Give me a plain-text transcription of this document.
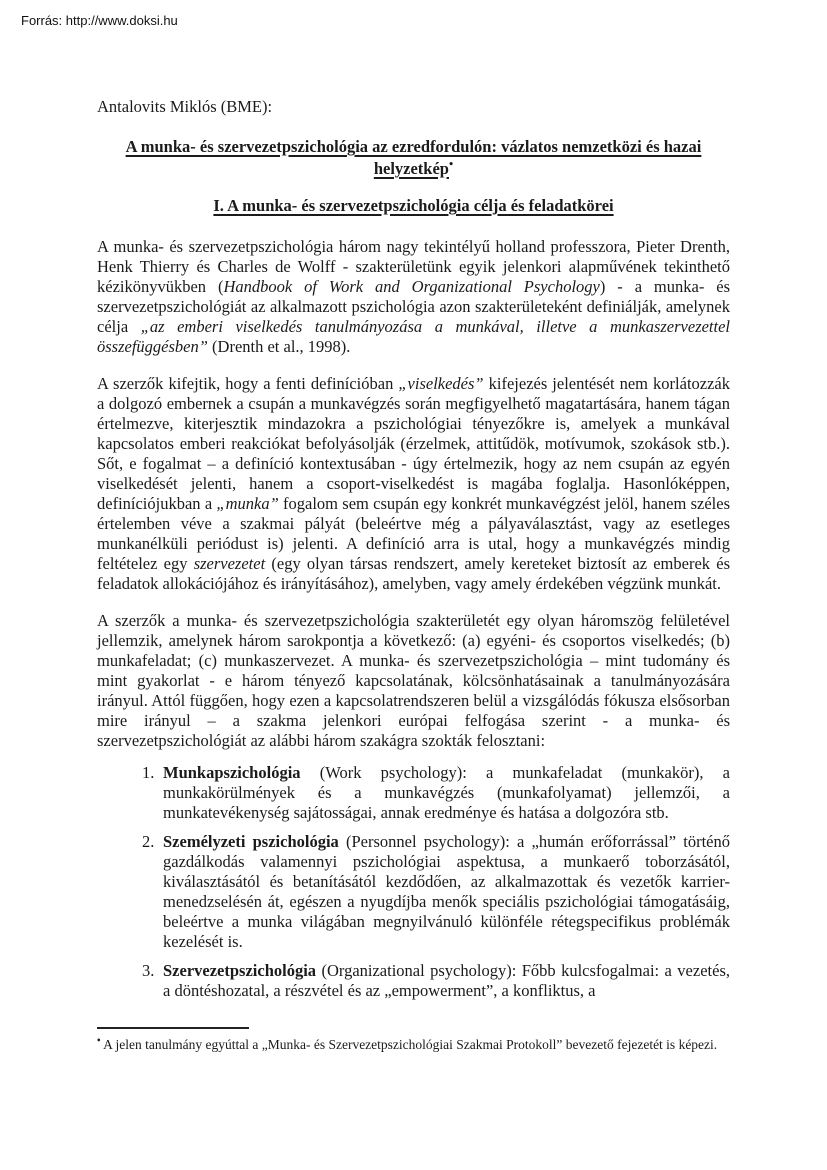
Forrás: http://www.doksi.hu

Antalovits Miklós (BME):

A munka- és szervezetpszichológia az ezredfordulón: vázlatos nemzetközi és hazai helyzetkép•
I. A munka- és szervezetpszichológia célja és feladatkörei

A munka- és szervezetpszichológia három nagy tekintélyű holland professzora, Pieter Drenth, Henk Thierry és Charles de Wolff - szakterületünk egyik jelenkori alapművének tekinthető kézikönyvükben (Handbook of Work and Organizational Psychology) - a munka- és szervezetpszichológiát az alkalmazott pszichológia azon szakterületeként definiálják, amelynek célja „az emberi viselkedés tanulmányozása a munkával, illetve a munkaszervezettel összefüggésben” (Drenth et al., 1998).

A szerzők kifejtik, hogy a fenti definícióban „viselkedés” kifejezés jelentését nem korlátozzák a dolgozó embernek a csupán a munkavégzés során megfigyelhető magatartására, hanem tágan értelmezve, kiterjesztik mindazokra a pszichológiai tényezőkre is, amelyek a munkával kapcsolatos emberi reakciókat befolyásolják (érzelmek, attitűdök, motívumok, szokások stb.). Sőt, e fogalmat – a definíció kontextusában - úgy értelmezik, hogy az nem csupán az egyén viselkedését jelenti, hanem a csoport-viselkedést is magába foglalja. Hasonlóképpen, definíciójukban a „munka” fogalom sem csupán egy konkrét munkavégzést jelöl, hanem széles értelemben véve a szakmai pályát (beleértve még a pályaválasztást, vagy az esetleges munkanélküli periódust is) jelenti. A definíció arra is utal, hogy a munkavégzés mindig feltételez egy szervezetet (egy olyan társas rendszert, amely kereteket biztosít az emberek és feladatok allokációjához és irányításához), amelyben, vagy amely érdekében végzünk munkát.

A szerzők a munka- és szervezetpszichológia szakterületét egy olyan háromszög felületével jellemzik, amelynek három sarokpontja a következő: (a) egyéni- és csoportos viselkedés; (b) munkafeladat; (c) munkaszervezet. A munka- és szervezetpszichológia – mint tudomány és mint gyakorlat - e három tényező kapcsolatának, kölcsönhatásainak a tanulmányozására irányul. Attól függően, hogy ezen a kapcsolatrendszeren belül a vizsgálódás fókusza elsősorban mire irányul – a szakma jelenkori európai felfogása szerint - a munka- és szervezetpszichológiát az alábbi három szakágra szokták felosztani:

1. Munkapszichológia (Work psychology): a munkafeladat (munkakör), a munkakörülmények és a munkavégzés (munkafolyamat) jellemzői, a munkatevékenység sajátosságai, annak eredménye és hatása a dolgozóra stb.
2. Személyzeti pszichológia (Personnel psychology): a „humán erőforrással” történő gazdálkodás valamennyi pszichológiai aspektusa, a munkaerő toborzásától, kiválasztásától és betanításától kezdődően, az alkalmazottak és vezetők karrier-menedzselésén át, egészen a nyugdíjba menők speciális pszichológiai támogatásáig, beleértve a munka világában megnyilvánuló különféle rétegspecifikus problémák kezelését is.
3. Szervezetpszichológia (Organizational psychology): Főbb kulcsfogalmai: a vezetés, a döntéshozatal, a részvétel és az „empowerment”, a konfliktus, a

• A jelen tanulmány egyúttal a „Munka- és Szervezetpszichológiai Szakmai Protokoll” bevezető fejezetét is képezi.
